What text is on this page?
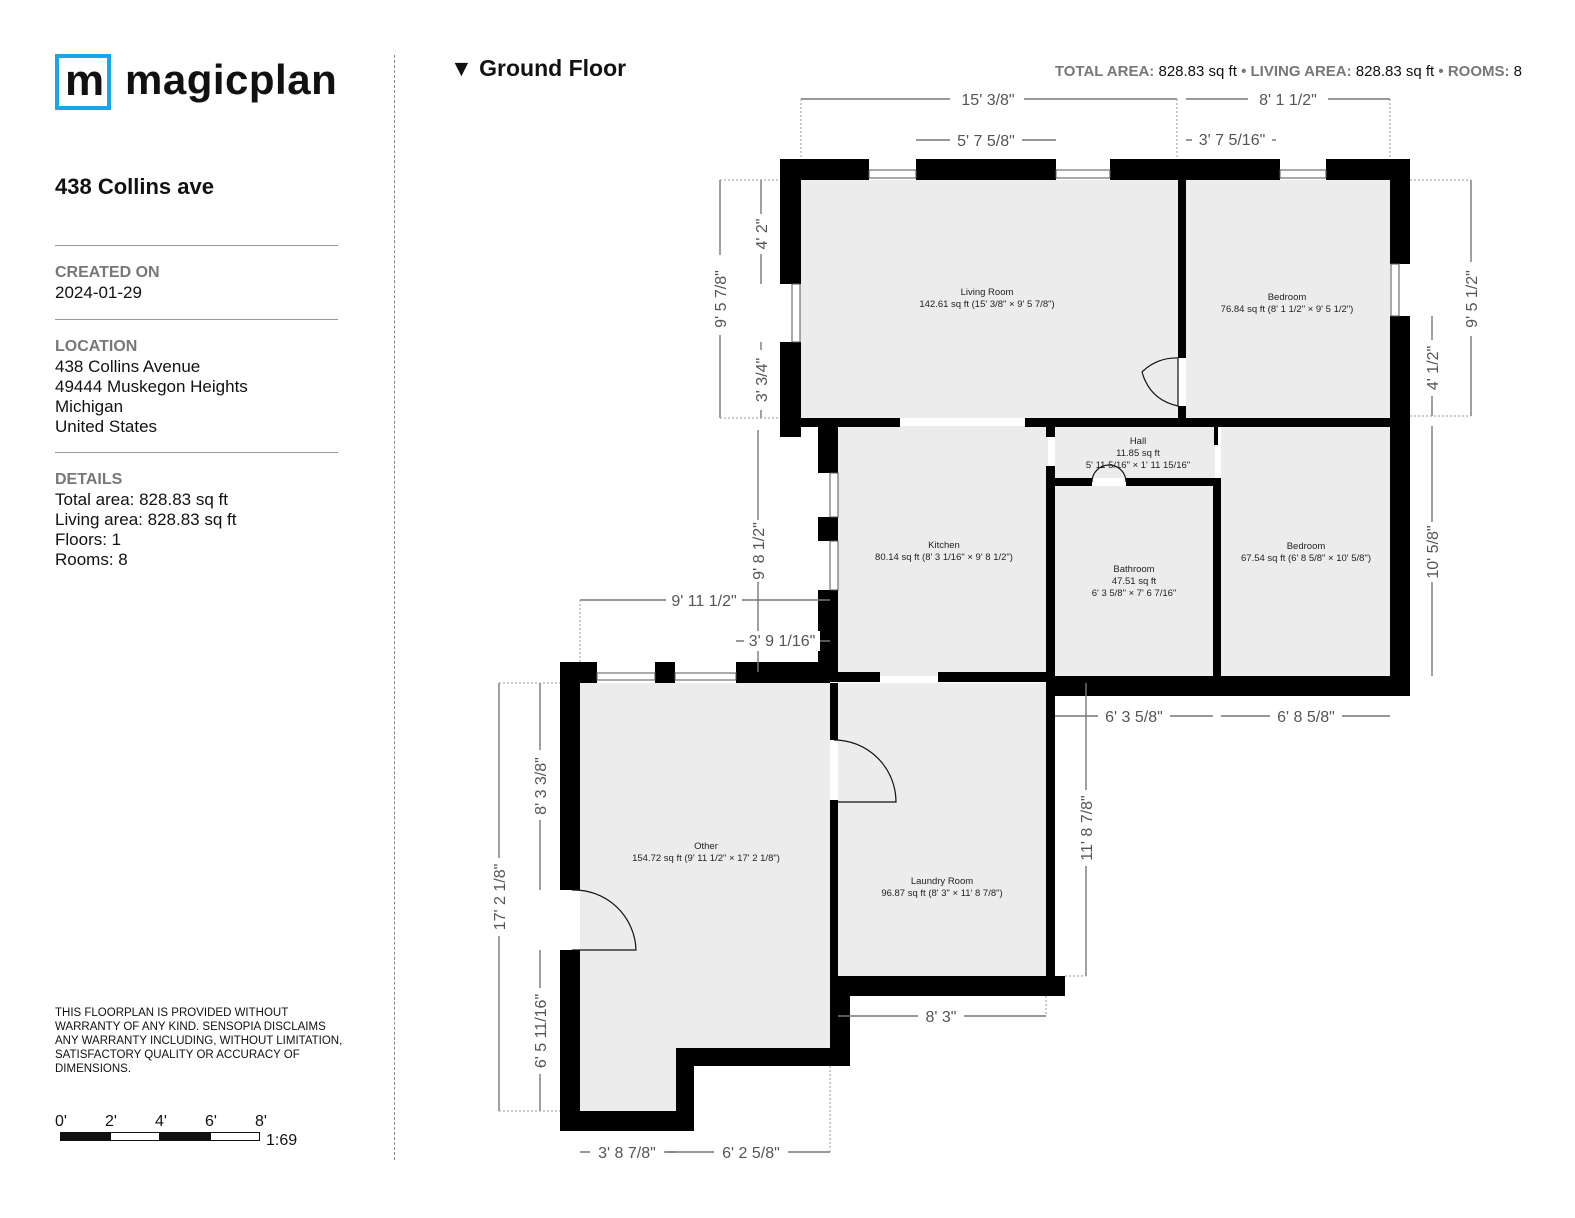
m magicplan
438 Collins ave
CREATED ON
2024-01-29
LOCATION
438 Collins Avenue
49444 Muskegon Heights
Michigan
United States
DETAILS
Total area: 828.83 sq ft
Living area: 828.83 sq ft
Floors: 1
Rooms: 8
THIS FLOORPLAN IS PROVIDED WITHOUT WARRANTY OF ANY KIND. SENSOPIA DISCLAIMS ANY WARRANTY INCLUDING, WITHOUT LIMITATION, SATISFACTORY QUALITY OR ACCURACY OF DIMENSIONS.
0' 2' 4' 6' 8'
1:69
▼ Ground Floor	TOTAL AREA: 828.83 sq ft • LIVING AREA: 828.83 sq ft • ROOMS: 8
15' 3/8"	8' 1 1/2"
5' 7 5/8"	3' 7 5/16"
9' 5 7/8"
4' 2"
3' 3/4"
9' 5 1/2"
4' 1/2"
10' 5/8"
9' 8 1/2"
9' 11 1/2"
3' 9 1/16"
6' 3 5/8"	6' 8 5/8"
11' 8 7/8"
8' 3 3/8"
17' 2 1/8"
6' 5 11/16"	8' 3"
3' 8 7/8"	6' 2 5/8"
Living Room
142.61 sq ft (15' 3/8" × 9' 5 7/8")
Bedroom
76.84 sq ft (8' 1 1/2" × 9' 5 1/2")
Hall
11.85 sq ft
5' 11 5/16" × 1' 11 15/16"
Kitchen
80.14 sq ft (8' 3 1/16" × 9' 8 1/2")
Bathroom
47.51 sq ft
6' 3 5/8" × 7' 6 7/16"
Bedroom
67.54 sq ft (6' 8 5/8" × 10' 5/8")
Other
154.72 sq ft (9' 11 1/2" × 17' 2 1/8")
Laundry Room
96.87 sq ft (8' 3" × 11' 8 7/8")
